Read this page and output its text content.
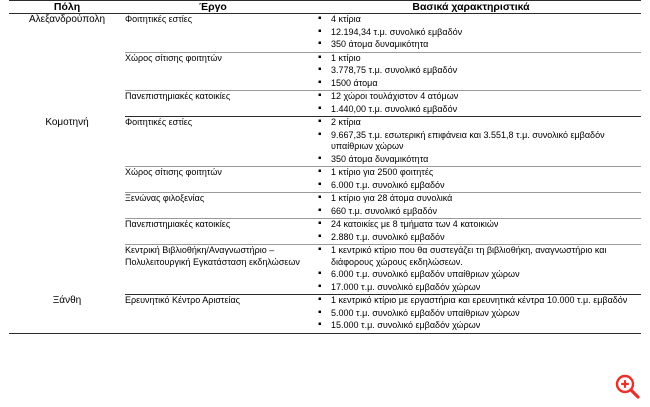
Πόλη	Έργο	Βασικά χαρακτηριστικά
Αλεξανδρούπολη	Φοιτητικές εστίες	
▪4 κτίρια
▪ 12.194,34 τ.μ. συνολικό εμβαδόν
▪ 350 άτομα δυναμικότητα

Χώρος σίτισης φοιτητών	
▪1 κτίριο
▪ 3.778,75 τ.μ. συνολικό εμβαδόν
▪ 1500 άτομα

Πανεπιστημιακές κατοικίες	
▪12 χώροι τουλάχιστον 4 ατόμων
▪ 1.440,00 τ.μ. συνολικό εμβαδόν

Κομοτηνή	Φοιτητικές εστίες	
▪2 κτίρια
▪ 9.667,35 τ.μ. εσωτερική επιφάνεια και 3.551,8 τ.μ. συνολικό εμβαδόν υπαίθριων χώρων
▪ 350 άτομα δυναμικότητα

Χώρος σίτισης φοιτητών	
▪1 κτίριο για 2500 φοιτητές
▪ 6.000 τ.μ. συνολικό εμβαδόν

Ξενώνας φιλοξενίας	
▪1 κτίριο για 28 άτομα συνολικά
▪ 660 τ.μ. συνολικό εμβαδόν

Πανεπιστημιακές κατοικίες	
▪24 κατοικίες με 8 τμήματα των 4 κατοικιών
▪ 2.880 τ.μ. συνολικό εμβαδόν

Κεντρική Βιβλιοθήκη/Αναγνωστήριο – Πολυλειτουργική Εγκατάσταση εκδηλώσεων	
▪ 1 κεντρικό κτίριο που θα συστεγάζει τη βιβλιοθήκη, αναγνωστήριο και διάφορους χώρους εκδηλώσεων.
▪ 6.000 τ.μ. συνολικό εμβαδόν υπαίθριων χώρων
▪ 17.000 τ.μ. συνολικό εμβαδόν χώρων

Ξάνθη	Ερευνητικό Κέντρο Αριστείας	
▪1 κεντρικό κτίριο με εργαστήρια και ερευνητικά κέντρα 10.000 τ.μ. εμβαδόν
▪ 5.000 τ.μ. συνολικό εμβαδόν υπαίθριων χώρων
▪ 15.000 τ.μ. συνολικό εμβαδόν χώρων
